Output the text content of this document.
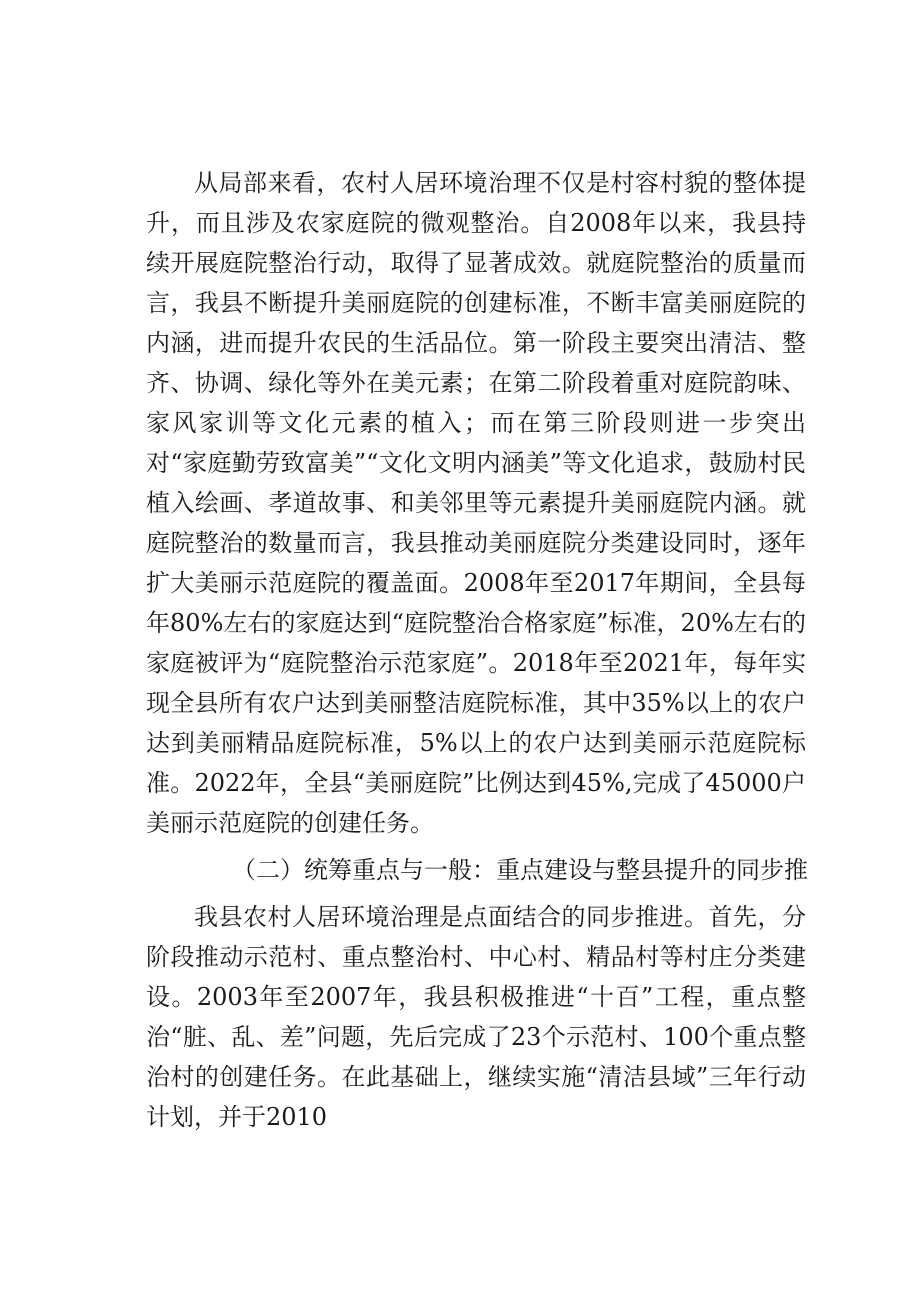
从局部来看，农村人居环境治理不仅是村容村貌的整体提升，而且涉及农家庭院的微观整治。自2008年以来，我县持续开展庭院整治行动，取得了显著成效。就庭院整治的质量而言，我县不断提升美丽庭院的创建标准，不断丰富美丽庭院的内涵，进而提升农民的生活品位。第一阶段主要突出清洁、整齐、协调、绿化等外在美元素；在第二阶段着重对庭院韵味、家风家训等文化元素的植入；而在第三阶段则进一步突出对“家庭勤劳致富美”“文化文明内涵美”等文化追求，鼓励村民植入绘画、孝道故事、和美邻里等元素提升美丽庭院内涵。就庭院整治的数量而言，我县推动美丽庭院分类建设同时，逐年扩大美丽示范庭院的覆盖面。2008年至2017年期间，全县每年80%左右的家庭达到“庭院整治合格家庭”标准，20%左右的家庭被评为“庭院整治示范家庭”。2018年至2021年，每年实现全县所有农户达到美丽整洁庭院标准，其中35%以上的农户达到美丽精品庭院标准，5%以上的农户达到美丽示范庭院标准。2022年，全县“美丽庭院”比例达到45%,完成了45000户美丽示范庭院的创建任务。

（二）统筹重点与一般：重点建设与整县提升的同步推

我县农村人居环境治理是点面结合的同步推进。首先，分阶段推动示范村、重点整治村、中心村、精品村等村庄分类建设。2003年至2007年，我县积极推进“十百”工程，重点整治“脏、乱、差”问题，先后完成了23个示范村、100个重点整治村的创建任务。在此基础上，继续实施“清洁县域”三年行动计划，并于2010
